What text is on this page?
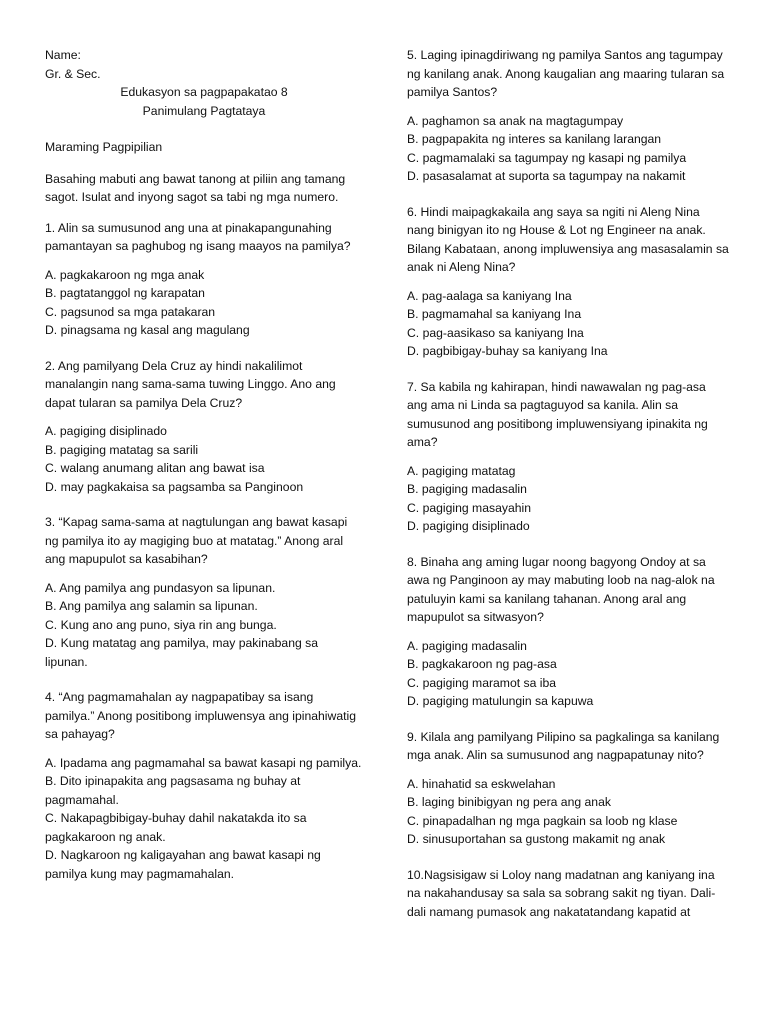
Name:

Gr. & Sec.

Edukasyon sa pagpapakatao 8

Panimulang Pagtataya

Maraming Pagpipilian

Basahing mabuti ang bawat tanong at piliin ang tamang sagot. Isulat and inyong sagot sa tabi ng mga numero.

1. Alin sa sumusunod ang una at pinakapangunahing pamantayan sa paghubog ng isang maayos na pamilya?

A. pagkakaroon ng mga anak

B. pagtatanggol ng karapatan

C. pagsunod sa mga patakaran

D. pinagsama ng kasal ang magulang

2. Ang pamilyang Dela Cruz ay hindi nakalilimot manalangin nang sama-sama tuwing Linggo. Ano ang dapat tularan sa pamilya Dela Cruz?

A. pagiging disiplinado

B. pagiging matatag sa sarili

C. walang anumang alitan ang bawat isa

D. may pagkakaisa sa pagsamba sa Panginoon

3. “Kapag sama-sama at nagtulungan ang bawat kasapi ng pamilya ito ay magiging buo at matatag.” Anong aral ang mapupulot sa kasabihan?

A. Ang pamilya ang pundasyon sa lipunan.

B. Ang pamilya ang salamin sa lipunan.

C. Kung ano ang puno, siya rin ang bunga.

D. Kung matatag ang pamilya, may pakinabang sa lipunan.

4. “Ang pagmamahalan ay nagpapatibay sa isang pamilya.” Anong positibong impluwensya ang ipinahiwatig sa pahayag?

A. Ipadama ang pagmamahal sa bawat kasapi ng pamilya.

B. Dito ipinapakita ang pagsasama ng buhay at pagmamahal.

C. Nakapagbibigay-buhay dahil nakatakda ito sa pagkakaroon ng anak.

D. Nagkaroon ng kaligayahan ang bawat kasapi ng pamilya kung may pagmamahalan.

5. Laging ipinagdiriwang ng pamilya Santos ang tagumpay ng kanilang anak. Anong kaugalian ang maaring tularan sa pamilya Santos?

A. paghamon sa anak na magtagumpay

B. pagpapakita ng interes sa kanilang larangan

C. pagmamalaki sa tagumpay ng kasapi ng pamilya

D. pasasalamat at suporta sa tagumpay na nakamit

6. Hindi maipagkakaila ang saya sa ngiti ni Aleng Nina nang binigyan ito ng House & Lot ng Engineer na anak. Bilang Kabataan, anong impluwensiya ang masasalamin sa anak ni Aleng Nina?

A. pag-aalaga sa kaniyang Ina

B. pagmamahal sa kaniyang Ina

C. pag-aasikaso sa kaniyang Ina

D. pagbibigay-buhay sa kaniyang Ina

7. Sa kabila ng kahirapan, hindi nawawalan ng pag-asa ang ama ni Linda sa pagtaguyod sa kanila. Alin sa sumusunod ang positibong impluwensiyang ipinakita ng ama?

A. pagiging matatag

B. pagiging madasalin

C. pagiging masayahin

D. pagiging disiplinado

8. Binaha ang aming lugar noong bagyong Ondoy at sa awa ng Panginoon ay may mabuting loob na nag-alok na patuluyin kami sa kanilang tahanan. Anong aral ang mapupulot sa sitwasyon?

A. pagiging madasalin

B. pagkakaroon ng pag-asa

C. pagiging maramot sa iba

D. pagiging matulungin sa kapuwa

9. Kilala ang pamilyang Pilipino sa pagkalinga sa kanilang mga anak. Alin sa sumusunod ang nagpapatunay nito?

A. hinahatid sa eskwelahan

B. laging binibigyan ng pera ang anak

C. pinapadalhan ng mga pagkain sa loob ng klase

D. sinusuportahan sa gustong makamit ng anak

10.Nagsisigaw si Loloy nang madatnan ang kaniyang ina na nakahandusay sa sala sa sobrang sakit ng tiyan. Dali-dali namang pumasok ang nakatatandang kapatid at
